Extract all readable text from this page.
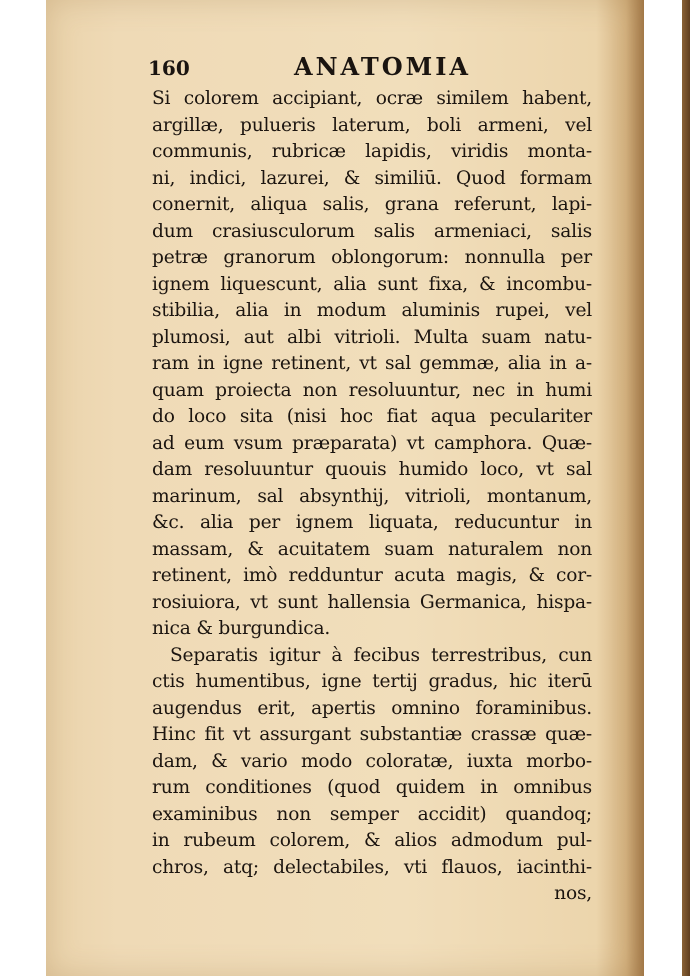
160	ANATOMIA
Si colorem accipiant, ocræ similem habent,
argillæ, pulueris laterum, boli armeni, vel
communis, rubricæ lapidis, viridis monta-
ni, indici, lazurei, & similiū. Quod formam
conernit, aliqua salis, grana referunt, lapi-
dum crasiusculorum salis armeniaci, salis
petræ granorum oblongorum: nonnulla per
ignem liquescunt, alia sunt fixa, & incombu-
stibilia, alia in modum aluminis rupei, vel
plumosi, aut albi vitrioli. Multa suam natu-
ram in igne retinent, vt sal gemmæ, alia in a-
quam proiecta non resoluuntur, nec in humi
do loco sita (nisi hoc fiat aqua peculariter
ad eum vsum præparata) vt camphora. Quæ-
dam resoluuntur quouis humido loco, vt sal
marinum, sal absynthij, vitrioli, montanum,
&c. alia per ignem liquata, reducuntur in
massam, & acuitatem suam naturalem non
retinent, imò redduntur acuta magis, & cor-
rosiuiora, vt sunt hallensia Germanica, hispa-
nica & burgundica.
Separatis igitur à fecibus terrestribus, cun
ctis humentibus, igne tertij gradus, hic iterū
augendus erit, apertis omnino foraminibus.
Hinc fit vt assurgant substantiæ crassæ quæ-
dam, & vario modo coloratæ, iuxta morbo-
rum conditiones (quod quidem in omnibus
examinibus non semper accidit) quandoq;
in rubeum colorem, & alios admodum pul-
chros, atq; delectabiles, vti flauos, iacinthi-
nos,
